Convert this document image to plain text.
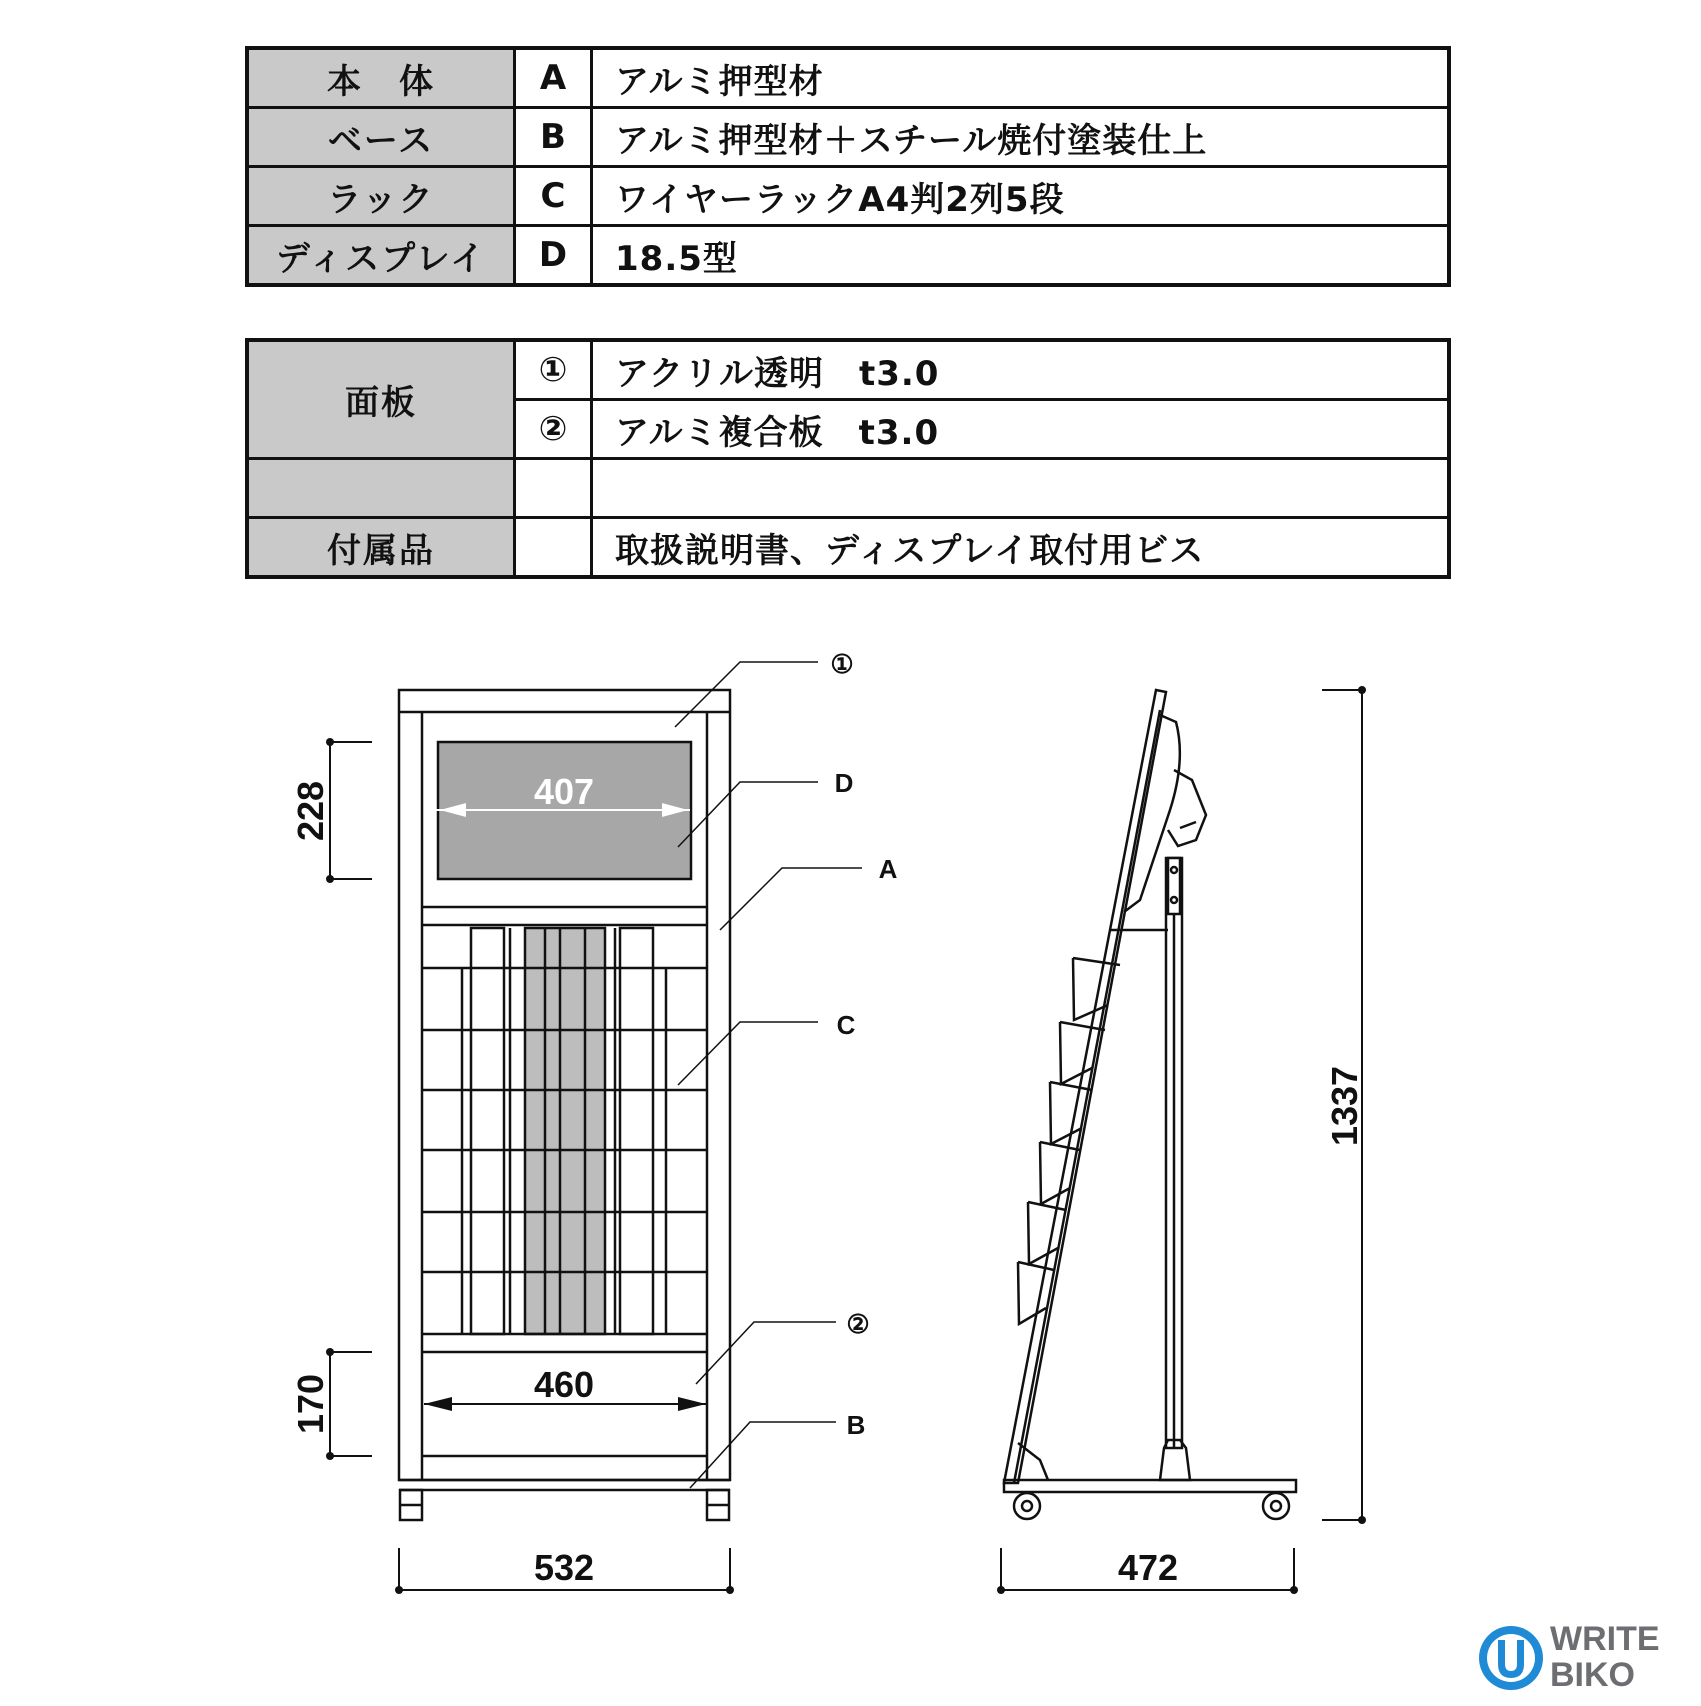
本　体	A	アルミ押型材
ベース	B	アルミ押型材＋スチール焼付塗装仕上
ラック	C	ワイヤーラックA4判2列5段
ディスプレイ	D	18.5型
面板	①	アクリル透明　t3.0
	②	アルミ複合板　t3.0

付属品		取扱説明書、ディスプレイ取付用ビス
407
460
228
170
532
①
D
A
C
②
B
1337
472
WRITE
BIKO
